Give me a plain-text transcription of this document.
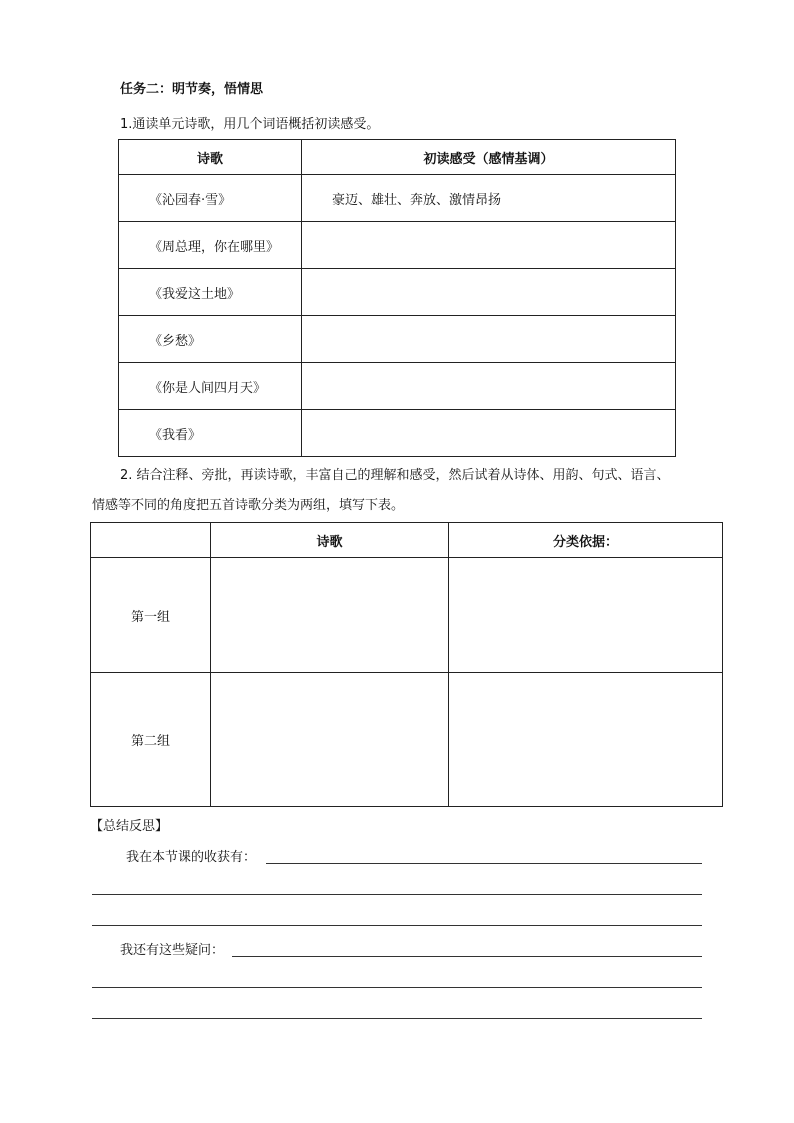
任务二：明节奏，悟情思
1.通读单元诗歌，用几个词语概括初读感受。
诗歌	初读感受（感情基调）
《沁园春·雪》	豪迈、雄壮、奔放、激情昂扬
《周总理，你在哪里》	
《我爱这土地》	
《乡愁》	
《你是人间四月天》	
《我看》	
2. 结合注释、旁批，再读诗歌，丰富自己的理解和感受，然后试着从诗体、用韵、句式、语言、
情感等不同的角度把五首诗歌分类为两组，填写下表。
	诗歌	分类依据：
第一组		
第二组		
【总结反思】
我在本节课的收获有：
我还有这些疑问：
